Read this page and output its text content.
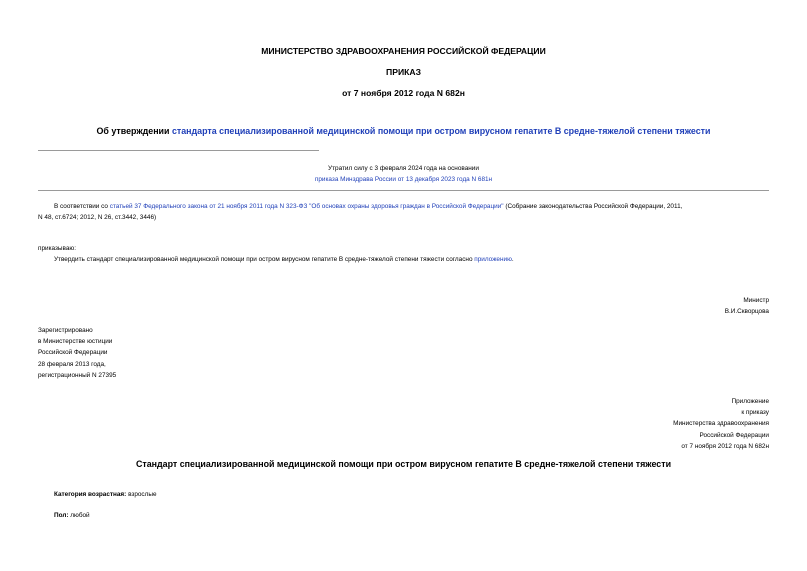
МИНИСТЕРСТВО ЗДРАВООХРАНЕНИЯ РОССИЙСКОЙ ФЕДЕРАЦИИ
ПРИКАЗ
от 7 ноября 2012 года N 682н
Об утверждении стандарта специализированной медицинской помощи при остром вирусном гепатите В средне-тяжелой степени тяжести
Утратил силу с 3 февраля 2024 года на основании
приказа Минздрава России от 13 декабря 2023 года N 681н
В соответствии со статьей 37 Федерального закона от 21 ноября 2011 года N 323-ФЗ "Об основах охраны здоровья граждан в Российской Федерации" (Собрание законодательства Российской Федерации, 2011,
N 48, ст.6724; 2012, N 26, ст.3442, 3446)
приказываю:
Утвердить стандарт специализированной медицинской помощи при остром вирусном гепатите В средне-тяжелой степени тяжести согласно приложению.
Министр
В.И.Скворцова
Зарегистрировано
в Министерстве юстиции
Российской Федерации
28 февраля 2013 года,
регистрационный N 27395
Приложение
к приказу
Министерства здравоохранения
Российской Федерации
от 7 ноября 2012 года N 682н
Стандарт специализированной медицинской помощи при остром вирусном гепатите В средне-тяжелой степени тяжести
Категория возрастная: взрослые
Пол: любой
